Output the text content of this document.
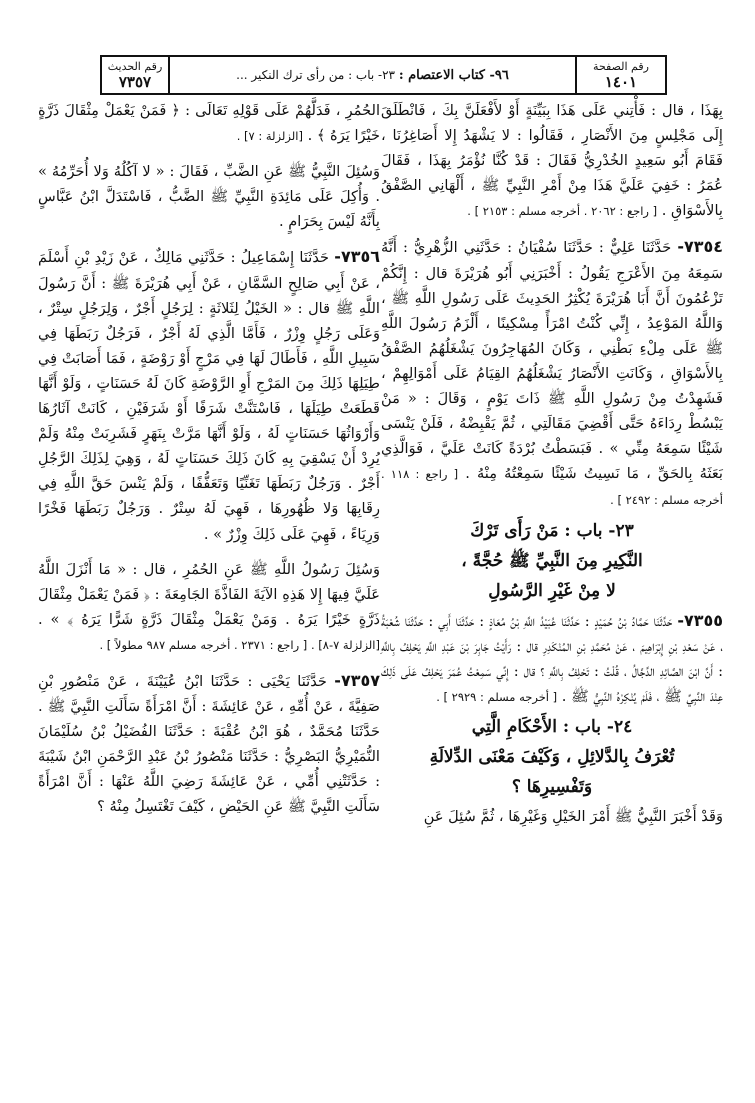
رقم الصفحة
١٤٠١
٩٦- كتاب الاعتصام : ٢٣- باب : من رأى ترك النكير ...
رقم الحديث
٧٣٥٧

بِهَذَا ، قال : فَأْتِني عَلَى هَذَا بِبَيِّنَةٍ أَوْ لأَفْعَلَنَّ بِكَ ، فَانْطَلَقَ إِلَى مَجْلِسٍ مِنَ الأَنْصَارِ ، فَقَالُوا : لا يَشْهَدُ إِلا أَصَاغِرُنَا ، فَقَامَ أَبُو سَعِيدٍ الخُدْرِيُّ فَقَالَ : قَدْ كُنَّا نُؤْمَرُ بِهَذَا ، فَقَالَ عُمَرُ : خَفِيَ عَلَيَّ هَذَا مِنْ أَمْرِ النَّبِيِّ ﷺ ، أَلْهَانِي الصَّفْقُ بِالأَسْوَاقِ . [ راجع : ٢٠٦٢ . أخرجه مسلم : ٢١٥٣ ] .

٧٣٥٤- حَدَّثَنَا عَلِيٌّ : حَدَّثَنَا سُفْيَانُ : حَدَّثَنِي الزُّهْرِيُّ : أَنَّهُ سَمِعَهُ مِنَ الأَعْرَجِ يَقُولُ : أَخْبَرَنِي أَبُو هُرَيْرَةَ قال : إِنَّكُمْ تَزْعُمُونَ أَنَّ أَبَا هُرَيْرَةَ يُكْثِرُ الحَدِيثَ عَلَى رَسُولِ اللَّهِ ﷺ ، وَاللَّهُ المَوْعِدُ ، إِنِّي كُنْتُ امْرَأً مِسْكِينًا ، أَلْزَمُ رَسُولَ اللَّهِ ﷺ عَلَى مِلْءِ بَطْنِي ، وَكَانَ المُهَاجِرُونَ يَشْغَلُهُمُ الصَّفْقُ بِالأَسْوَاقِ ، وَكَانَتِ الأَنْصَارُ يَشْغَلُهُمُ القِيَامُ عَلَى أَمْوَالِهِمْ ، فَشَهِدْتُ مِنْ رَسُولِ اللَّهِ ﷺ ذَاتَ يَوْمٍ ، وَقَالَ : « مَنْ يَبْسُطْ رِدَاءَهُ حَتَّى أَقْضِيَ مَقَالَتِي ، ثُمَّ يَقْبِضْهُ ، فَلَنْ يَنْسَى شَيْئًا سَمِعَهُ مِنِّي » . فَبَسَطْتُ بُرْدَةً كَانَتْ عَلَيَّ ، فَوَالَّذِي بَعَثَهُ بِالحَقِّ ، مَا نَسِيتُ شَيْئًا سَمِعْتُهُ مِنْهُ . [ راجع : ١١٨ . أخرجه مسلم : ٢٤٩٢ ] .

٢٣- باب : مَنْ رَأَى تَرْكَ
النَّكِيرِ مِنَ النَّبِيِّ ﷺ حُجَّةً ،
لا مِنْ غَيْرِ الرَّسُولِ

٧٣٥٥- حَدَّثَنَا حَمَّادُ بْنُ حُمَيْدٍ : حَدَّثَنَا عُبَيْدُ اللَّهِ بْنُ مُعَاذٍ : حَدَّثَنَا أَبِي : حَدَّثَنَا شُعْبَةُ ، عَنْ سَعْدِ بْنِ إِبْرَاهِيمَ ، عَنْ مُحَمَّدِ بْنِ المُنْكَدِرِ قال : رَأَيْتُ جَابِرَ بْنَ عَبْدِ اللَّهِ يَحْلِفُ بِاللَّهِ : أَنَّ ابْنَ الصَّائِدِ الدَّجَّالُ ، قُلْتُ : تَحْلِفُ بِاللَّهِ ؟ قال : إِنِّي سَمِعْتُ عُمَرَ يَحْلِفُ عَلَى ذَلِكَ عِنْدَ النَّبِيِّ ﷺ ، فَلَمْ يُنْكِرْهُ النَّبِيُّ ﷺ . [ أخرجه مسلم : ٢٩٢٩ ] .

٢٤- باب : الأَحْكَامِ الَّتِي
تُعْرَفُ بِالدَّلائِلِ ، وَكَيْفَ مَعْنَى الدِّلالَةِ
وَتَفْسِيرِهَا ؟

وَقَدْ أَخْبَرَ النَّبِيُّ ﷺ أَمْرَ الخَيْلِ وَغَيْرِهَا ، ثُمَّ سُئِلَ عَنِ

الحُمُرِ ، فَدَلَّهُمْ عَلَى قَوْلِهِ تَعَالَى : ﴿ فَمَنْ يَعْمَلْ مِثْقَالَ ذَرَّةٍ خَيْرًا يَرَهُ ﴾ . [الزلزلة : ٧] .

وَسُئِلَ النَّبِيُّ ﷺ عَنِ الضَّبِّ ، فَقَالَ : « لا آكُلُهُ وَلا أُحَرِّمُهُ » . وَأُكِلَ عَلَى مَائِدَةِ النَّبِيِّ ﷺ الضَّبُّ ، فَاسْتَدَلَّ ابْنُ عَبَّاسٍ بِأَنَّهُ لَيْسَ بِحَرَامٍ .

٧٣٥٦- حَدَّثَنَا إِسْمَاعِيلُ : حَدَّثَنِي مَالِكٌ ، عَنْ زَيْدِ بْنِ أَسْلَمَ ، عَنْ أَبِي صَالِحٍ السَّمَّانِ ، عَنْ أَبِي هُرَيْرَةَ ﷺ : أَنَّ رَسُولَ اللَّهِ ﷺ قال : « الخَيْلُ لِثَلاثَةٍ : لِرَجُلٍ أَجْرٌ ، وَلِرَجُلٍ سِتْرٌ ، وَعَلَى رَجُلٍ وِزْرٌ ، فَأَمَّا الَّذِي لَهُ أَجْرٌ ، فَرَجُلٌ رَبَطَهَا فِي سَبِيلِ اللَّهِ ، فَأَطَالَ لَهَا فِي مَرْجٍ أَوْ رَوْضَةٍ ، فَمَا أَصَابَتْ فِي طِيَلِهَا ذَلِكَ مِنَ المَرْجِ أَوِ الرَّوْضَةِ كَانَ لَهُ حَسَنَاتٍ ، وَلَوْ أَنَّهَا قَطَعَتْ طِيَلَهَا ، فَاسْتَنَّتْ شَرَفًا أَوْ شَرَفَيْنِ ، كَانَتْ آثَارُهَا وَأَرْوَاثُهَا حَسَنَاتٍ لَهُ ، وَلَوْ أَنَّهَا مَرَّتْ بِنَهَرٍ فَشَرِبَتْ مِنْهُ وَلَمْ يُرِدْ أَنْ يَسْقِيَ بِهِ كَانَ ذَلِكَ حَسَنَاتٍ لَهُ ، وَهِيَ لِذَلِكَ الرَّجُلِ أَجْرٌ . وَرَجُلٌ رَبَطَهَا تَغَنِّيًا وَتَعَفُّفًا ، وَلَمْ يَنْسَ حَقَّ اللَّهِ فِي رِقَابِهَا وَلا ظُهُورِهَا ، فَهِيَ لَهُ سِتْرٌ . وَرَجُلٌ رَبَطَهَا فَخْرًا وَرِيَاءً ، فَهِيَ عَلَى ذَلِكَ وِزْرٌ » .

وَسُئِلَ رَسُولُ اللَّهِ ﷺ عَنِ الحُمُرِ ، قال : « مَا أَنْزَلَ اللَّهُ عَلَيَّ فِيهَا إِلا هَذِهِ الآيَةَ الفَاذَّةَ الجَامِعَةَ : ﴿ فَمَنْ يَعْمَلْ مِثْقَالَ ذَرَّةٍ خَيْرًا يَرَهُ . وَمَنْ يَعْمَلْ مِثْقَالَ ذَرَّةٍ شَرًّا يَرَهُ ﴾ » . [الزلزلة ٧-٨] . [ راجع : ٢٣٧١ . أخرجه مسلم ٩٨٧ مطولاً ] .

٧٣٥٧- حَدَّثَنَا يَحْيَى : حَدَّثَنَا ابْنُ عُيَيْنَةَ ، عَنْ مَنْصُورِ بْنِ صَفِيَّةَ ، عَنْ أُمِّهِ ، عَنْ عَائِشَةَ : أَنَّ امْرَأَةً سَأَلَتِ النَّبِيَّ ﷺ . حَدَّثَنَا مُحَمَّدٌ ، هُوَ ابْنُ عُقْبَةَ : حَدَّثَنَا الفُضَيْلُ بْنُ سُلَيْمَانَ النُّمَيْرِيُّ البَصْرِيُّ : حَدَّثَنَا مَنْصُورُ بْنُ عَبْدِ الرَّحْمَنِ ابْنُ شَيْبَةَ : حَدَّثَتْنِي أُمِّي ، عَنْ عَائِشَةَ رَضِيَ اللَّهُ عَنْهَا : أَنَّ امْرَأَةً سَأَلَتِ النَّبِيَّ ﷺ عَنِ الحَيْضِ ، كَيْفَ تَغْتَسِلُ مِنْهُ ؟
